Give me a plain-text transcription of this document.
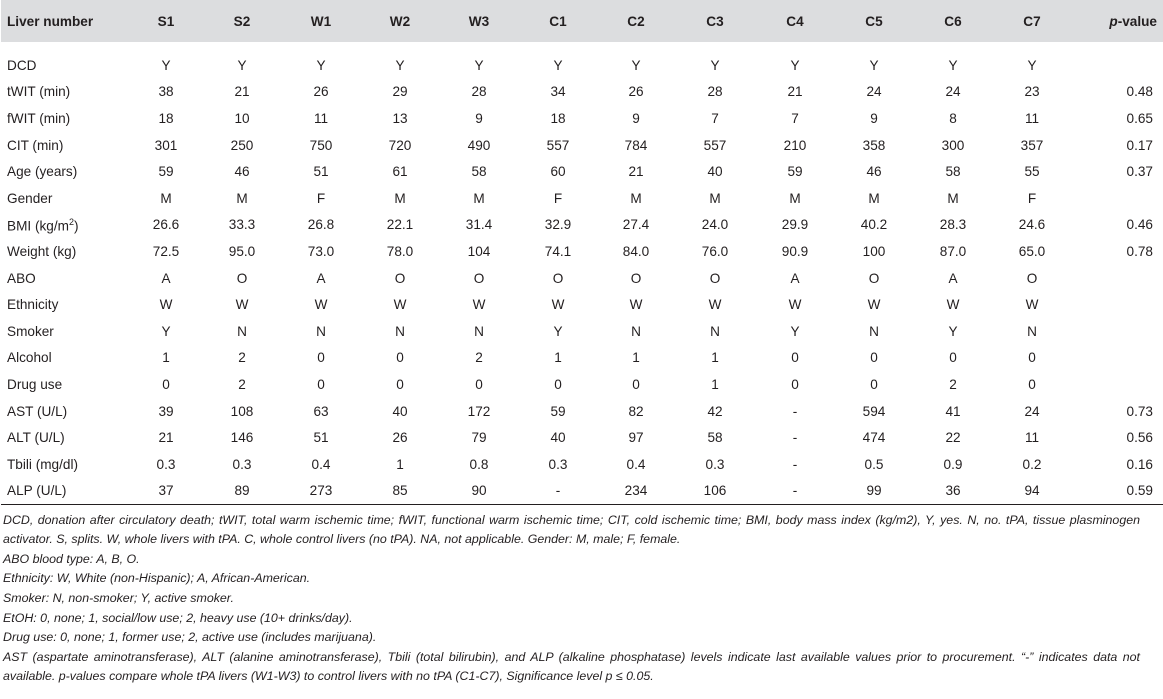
Liver number	S1	S2	W1	W2	W3	C1	C2	C3	C4	C5	C6	C7	p-value

DCD	Y	Y	Y	Y	Y	Y	Y	Y	Y	Y	Y	Y	
tWIT (min)	38	21	26	29	28	34	26	28	21	24	24	23	0.48
fWIT (min)	18	10	11	13	9	18	9	7	7	9	8	11	0.65
CIT (min)	301	250	750	720	490	557	784	557	210	358	300	357	0.17
Age (years)	59	46	51	61	58	60	21	40	59	46	58	55	0.37
Gender	M	M	F	M	M	F	M	M	M	M	M	F	
BMI $(kg/m^2)$	26.6	33.3	26.8	22.1	31.4	32.9	27.4	24.0	29.9	40.2	28.3	24.6	0.46
Weight (kg)	72.5	95.0	73.0	78.0	104	74.1	84.0	76.0	90.9	100	87.0	65.0	0.78
ABO	A	O	A	O	O	O	O	O	A	O	A	O	
Ethnicity	W	W	W	W	W	W	W	W	W	W	W	W	
Smoker	Y	N	N	N	N	Y	N	N	Y	N	Y	N	
Alcohol	1	2	0	0	2	1	1	1	0	0	0	0	
Drug use	0	2	0	0	0	0	0	1	0	0	2	0	
AST (U/L)	39	108	63	40	172	59	82	42	-	594	41	24	0.73
ALT (U/L)	21	146	51	26	79	40	97	58	-	474	22	11	0.56
Tbili (mg/dl)	0.3	0.3	0.4	1	0.8	0.3	0.4	0.3	-	0.5	0.9	0.2	0.16
ALP (U/L)	37	89	273	85	90	-	234	106	-	99	36	94	0.59

DCD, donation after circulatory death; tWIT, total warm ischemic time; fWIT, functional warm ischemic time; CIT, cold ischemic time; BMI, body mass index (kg/m2), Y, yes. N, no. tPA, tissue plasminogen activator. S, splits. W, whole livers with tPA. C, whole control livers (no tPA). NA, not applicable. Gender: M, male; F, female.

ABO blood type: A, B, O.

Ethnicity: W, White (non-Hispanic); A, African-American.

Smoker: N, non-smoker; Y, active smoker.

EtOH: 0, none; 1, social/low use; 2, heavy use (10+ drinks/day).

Drug use: 0, none; 1, former use; 2, active use (includes marijuana).

AST (aspartate aminotransferase), ALT (alanine aminotransferase), Tbili (total bilirubin), and ALP (alkaline phosphatase) levels indicate last available values prior to procurement. “-” indicates data not available. p-values compare whole tPA livers (W1-W3) to control livers with no tPA (C1-C7), Significance level p ≤ 0.05.
